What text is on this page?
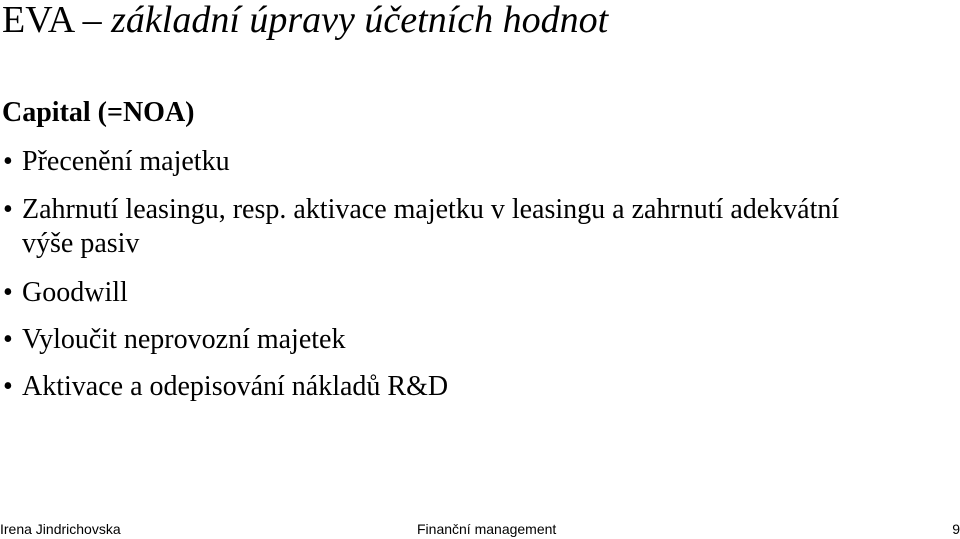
EVA – základní úpravy účetních hodnot
Capital (=NOA)
• Přecenění majetku
• Zahrnutí leasingu, resp. aktivace majetku v leasingu a zahrnutí adekvátní výše pasiv
• Goodwill
• Vyloučit neprovozní majetek
• Aktivace a odepisování nákladů R&D
Irena Jindrichovska	Finanční management	9
